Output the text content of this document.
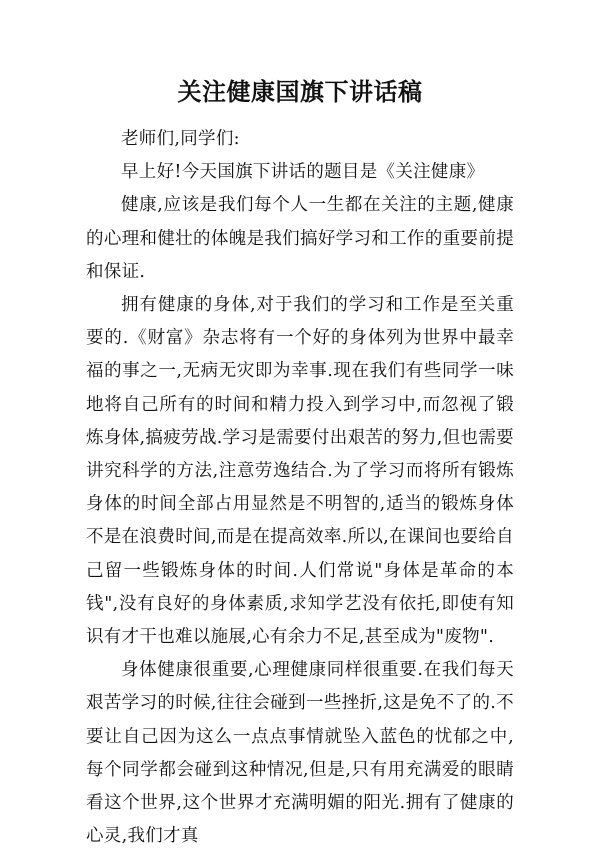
关注健康国旗下讲话稿

老师们,同学们:

早上好!今天国旗下讲话的题目是《关注健康》

健康,应该是我们每个人一生都在关注的主题,健康的心理和健壮的体魄是我们搞好学习和工作的重要前提和保证.

拥有健康的身体,对于我们的学习和工作是至关重要的.《财富》杂志将有一个好的身体列为世界中最幸福的事之一,无病无灾即为幸事.现在我们有些同学一味地将自己所有的时间和精力投入到学习中,而忽视了锻炼身体,搞疲劳战.学习是需要付出艰苦的努力,但也需要讲究科学的方法,注意劳逸结合.为了学习而将所有锻炼身体的时间全部占用显然是不明智的,适当的锻炼身体不是在浪费时间,而是在提高效率.所以,在课间也要给自己留一些锻炼身体的时间.人们常说"身体是革命的本钱",没有良好的身体素质,求知学艺没有依托,即使有知识有才干也难以施展,心有余力不足,甚至成为"废物".

身体健康很重要,心理健康同样很重要.在我们每天艰苦学习的时候,往往会碰到一些挫折,这是免不了的.不要让自己因为这么一点点事情就坠入蓝色的忧郁之中,每个同学都会碰到这种情况,但是,只有用充满爱的眼睛看这个世界,这个世界才充满明媚的阳光.拥有了健康的心灵,我们才真
